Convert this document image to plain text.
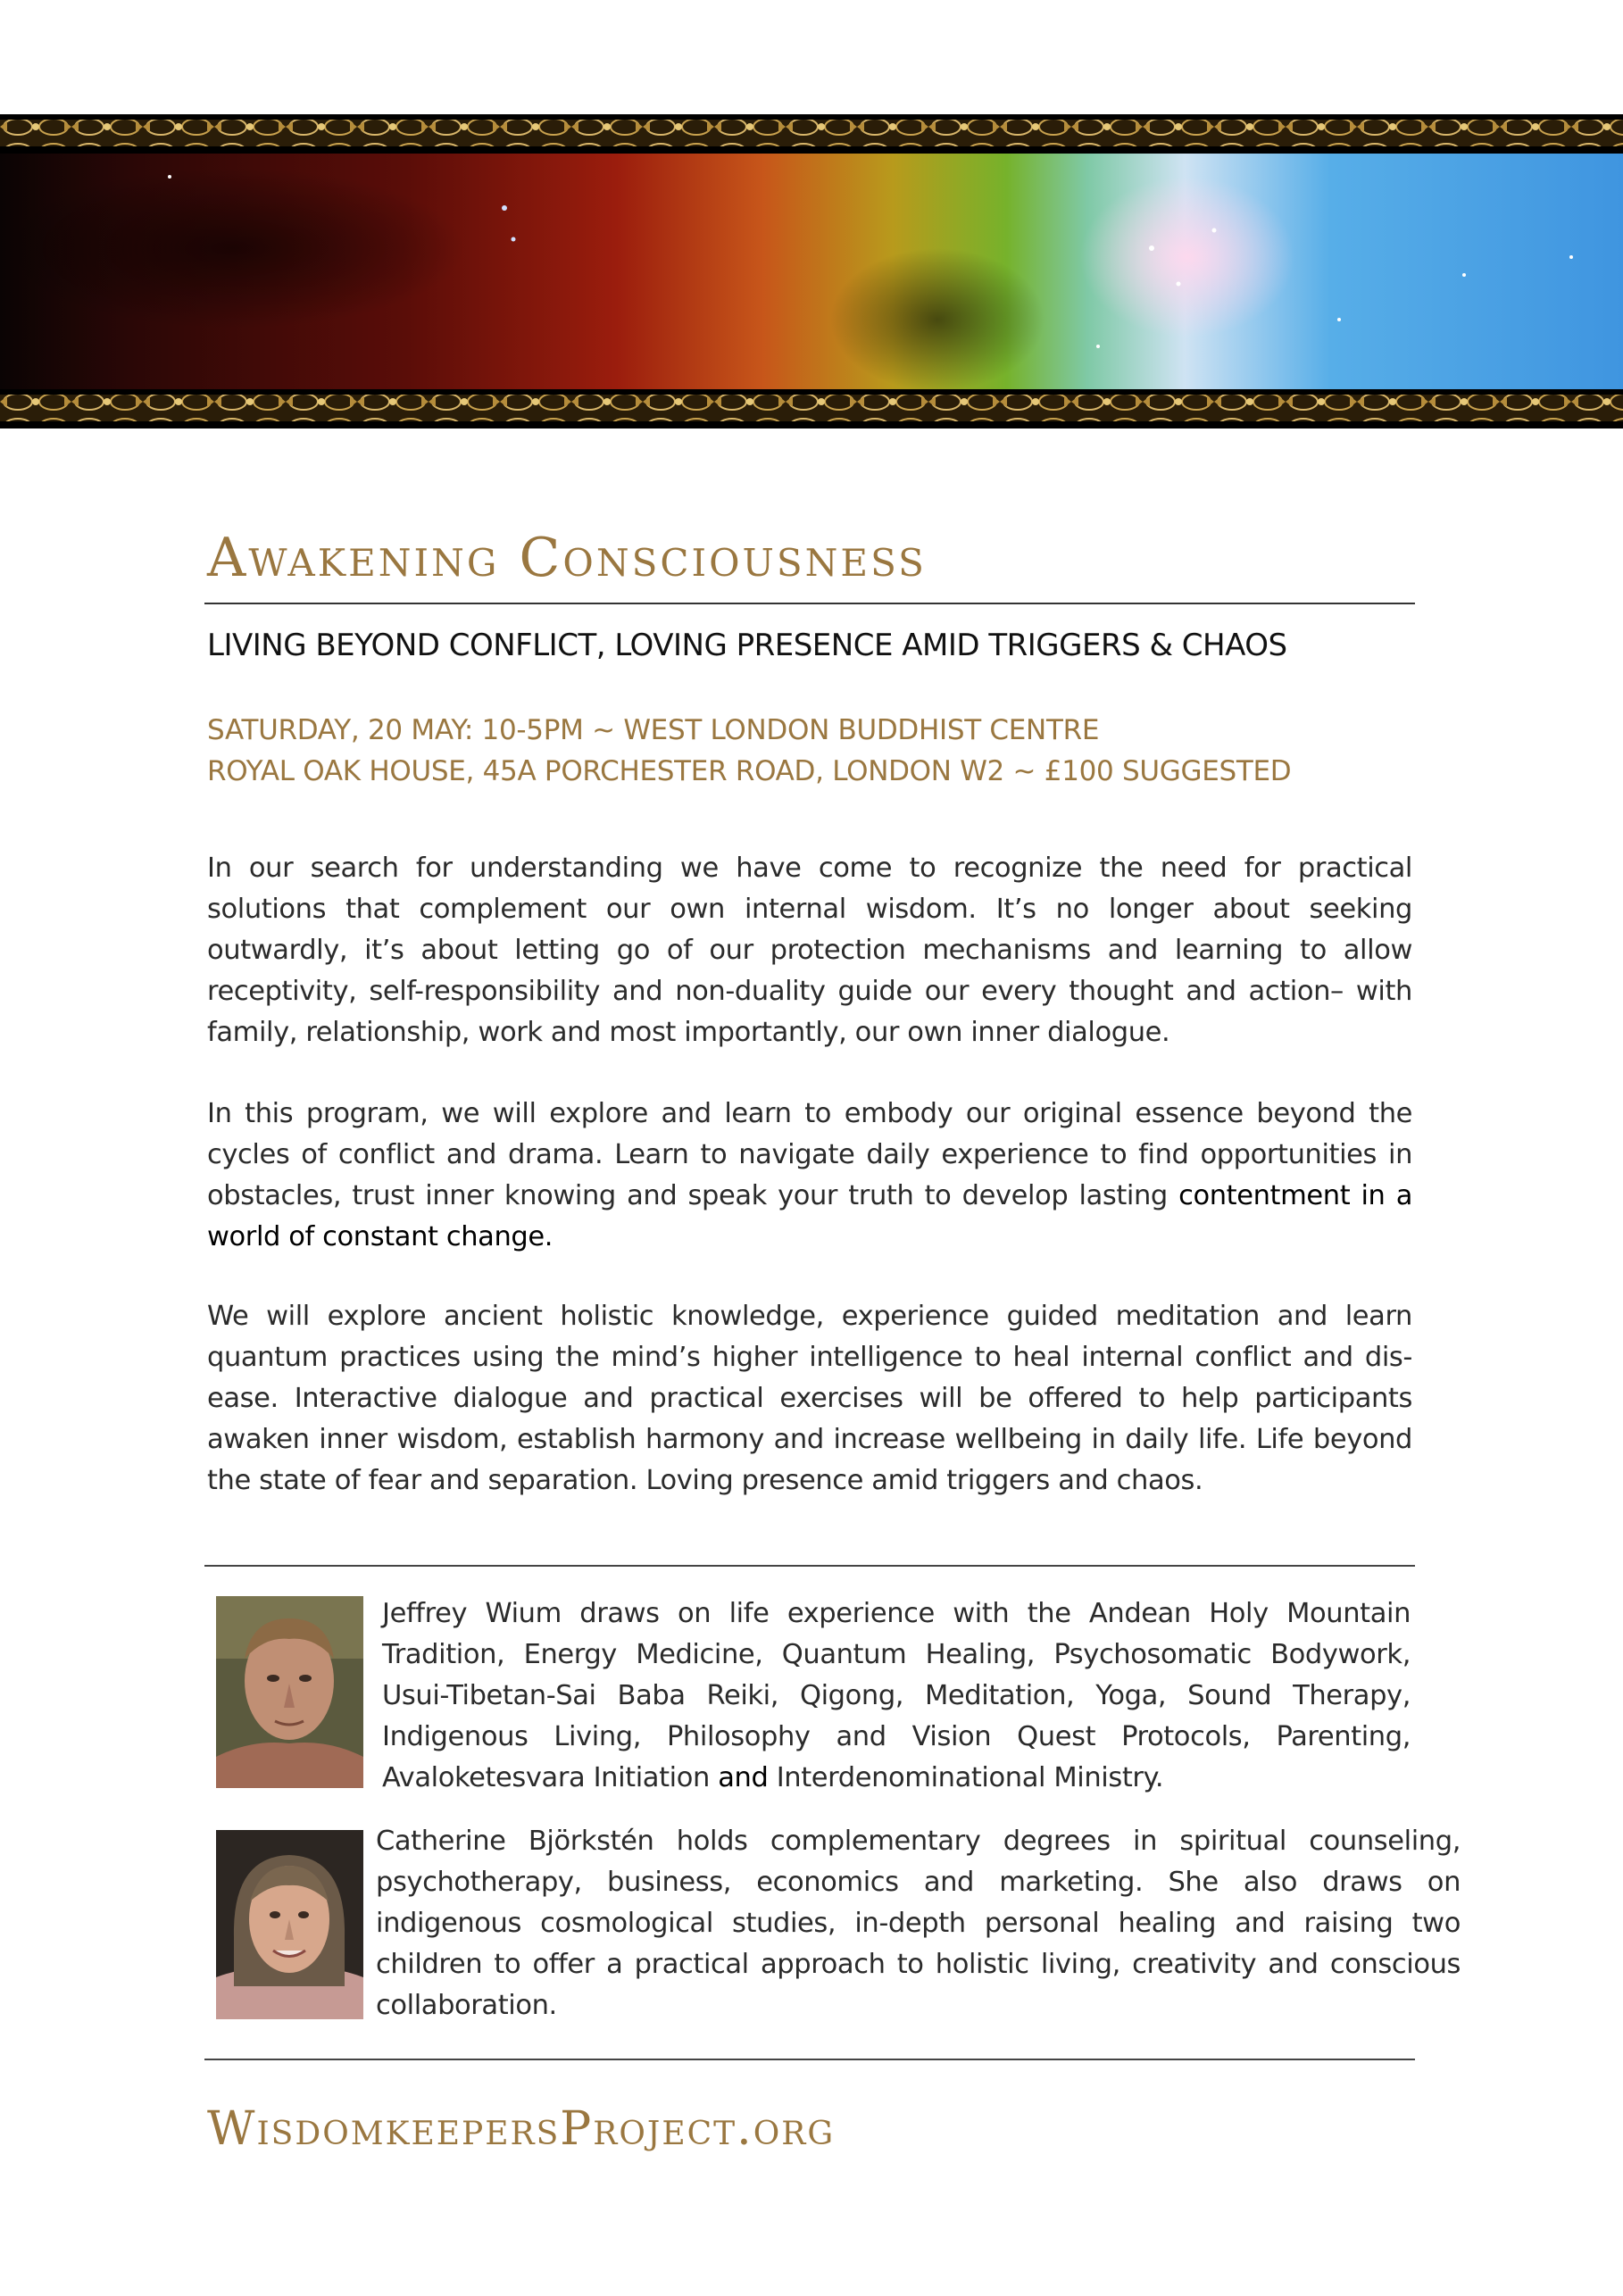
Awakening Consciousness
LIVING BEYOND CONFLICT, LOVING PRESENCE AMID TRIGGERS & CHAOS
SATURDAY, 20 MAY: 10-5PM ~ WEST LONDON BUDDHIST CENTRE
ROYAL OAK HOUSE, 45A PORCHESTER ROAD, LONDON W2 ~ £100 SUGGESTED

In our search for understanding we have come to recognize the need for practical solutions that complement our own internal wisdom. It’s no longer about seeking outwardly, it’s about letting go of our protection mechanisms and learning to allow receptivity, self-responsibility and non-duality guide our every thought and action– with family, relationship, work and most importantly, our own inner dialogue.

In this program, we will explore and learn to embody our original essence beyond the cycles of conflict and drama. Learn to navigate daily experience to find opportunities in obstacles, trust inner knowing and speak your truth to develop lasting contentment in a world of constant change.

We will explore ancient holistic knowledge, experience guided meditation and learn quantum practices using the mind’s higher intelligence to heal internal conflict and dis-ease. Interactive dialogue and practical exercises will be offered to help participants awaken inner wisdom, establish harmony and increase wellbeing in daily life. Life beyond the state of fear and separation. Loving presence amid triggers and chaos.

Jeffrey Wium draws on life experience with the Andean Holy Mountain Tradition, Energy Medicine, Quantum Healing, Psychosomatic Bodywork, Usui-Tibetan-Sai Baba Reiki, Qigong, Meditation, Yoga, Sound Therapy, Indigenous Living, Philosophy and Vision Quest Protocols, Parenting, Avaloketesvara Initiation and Interdenominational Ministry.

Catherine Björkstén holds complementary degrees in spiritual counseling, psychotherapy, business, economics and marketing. She also draws on indigenous cosmological studies, in-depth personal healing and raising two children to offer a practical approach to holistic living, creativity and conscious collaboration.

WisdomkeepersProject.org
